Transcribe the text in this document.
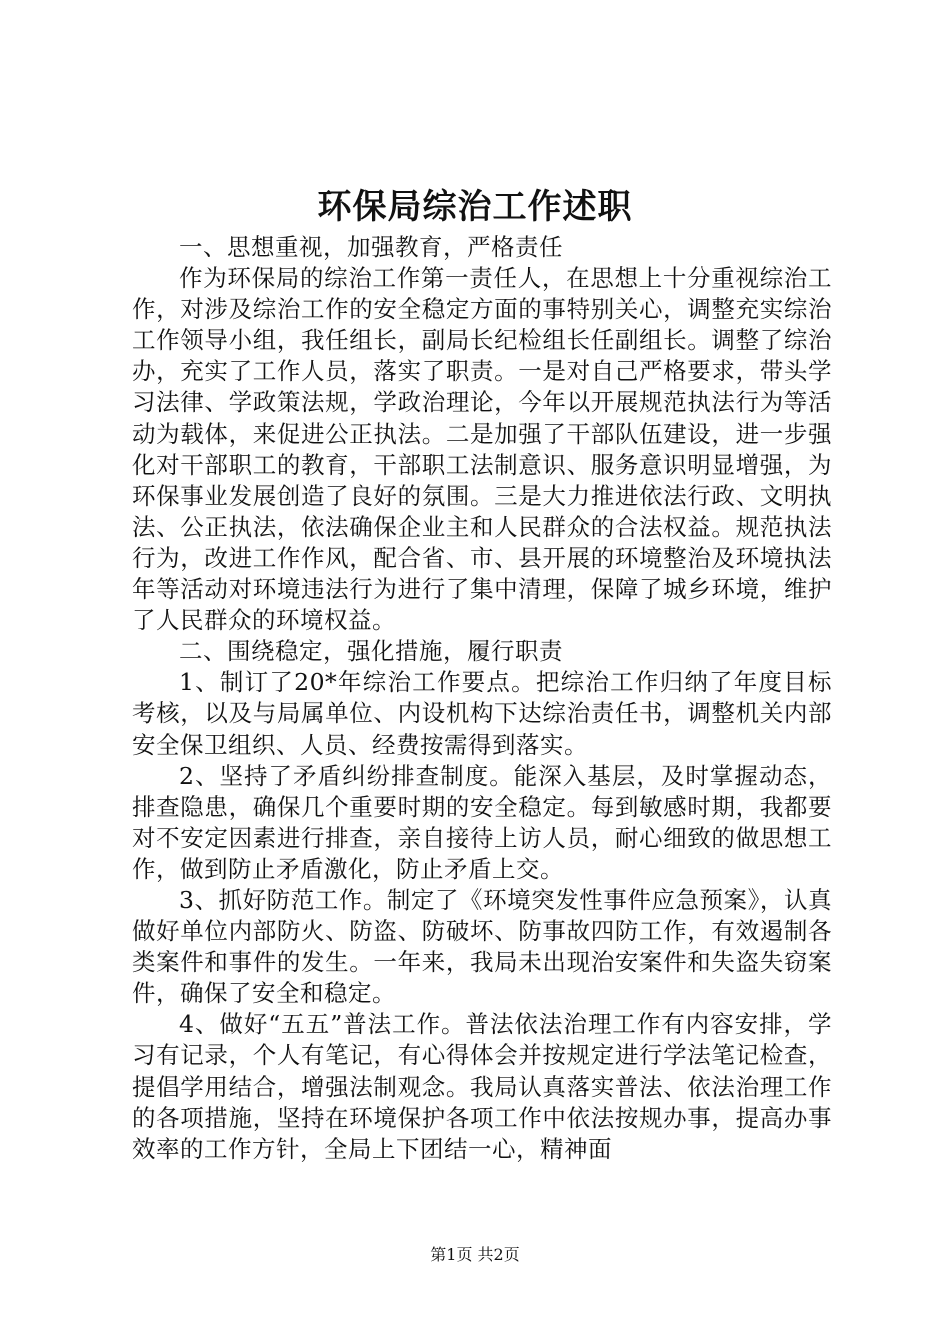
环保局综治工作述职

一、思想重视，加强教育，严格责任

作为环保局的综治工作第一责任人，在思想上十分重视综治工作，对涉及综治工作的安全稳定方面的事特别关心，调整充实综治工作领导小组，我任组长，副局长纪检组长任副组长。调整了综治办，充实了工作人员，落实了职责。一是对自己严格要求，带头学习法律、学政策法规，学政治理论，今年以开展规范执法行为等活动为载体，来促进公正执法。二是加强了干部队伍建设，进一步强化对干部职工的教育，干部职工法制意识、服务意识明显增强，为环保事业发展创造了良好的氛围。三是大力推进依法行政、文明执法、公正执法，依法确保企业主和人民群众的合法权益。规范执法行为，改进工作作风，配合省、市、县开展的环境整治及环境执法年等活动对环境违法行为进行了集中清理，保障了城乡环境，维护了人民群众的环境权益。

二、围绕稳定，强化措施，履行职责

1、制订了20*年综治工作要点。把综治工作归纳了年度目标考核，以及与局属单位、内设机构下达综治责任书，调整机关内部安全保卫组织、人员、经费按需得到落实。

2、坚持了矛盾纠纷排查制度。能深入基层，及时掌握动态，排查隐患，确保几个重要时期的安全稳定。每到敏感时期，我都要对不安定因素进行排查，亲自接待上访人员，耐心细致的做思想工作，做到防止矛盾激化，防止矛盾上交。

3、抓好防范工作。制定了《环境突发性事件应急预案》，认真做好单位内部防火、防盗、防破坏、防事故四防工作，有效遏制各类案件和事件的发生。一年来，我局未出现治安案件和失盗失窃案件，确保了安全和稳定。

4、做好“五五”普法工作。普法依法治理工作有内容安排，学习有记录，个人有笔记，有心得体会并按规定进行学法笔记检查，提倡学用结合，增强法制观念。我局认真落实普法、依法治理工作的各项措施，坚持在环境保护各项工作中依法按规办事，提高办事效率的工作方针，全局上下团结一心，精神面

第1页 共2页
